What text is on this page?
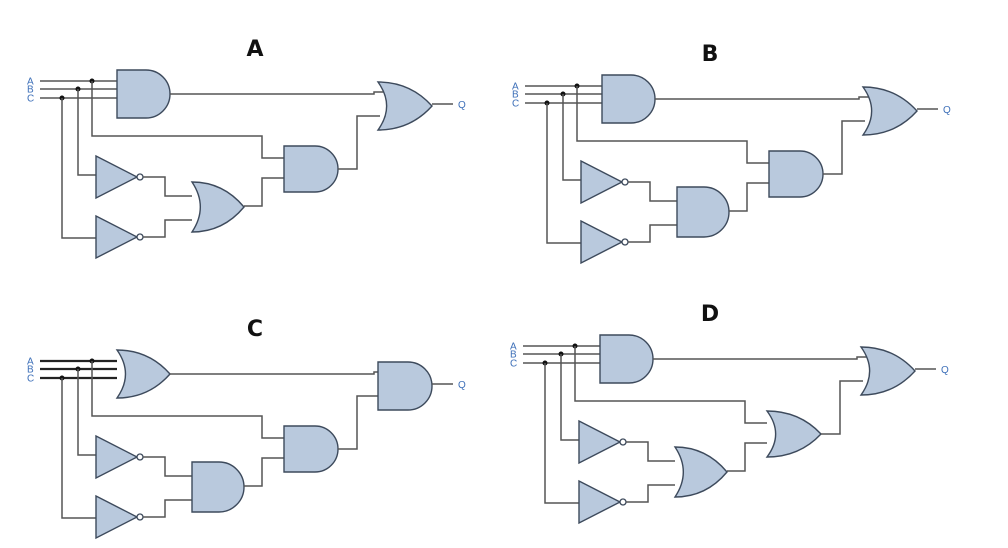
A
A
B
C
Q
B
A
B
C
Q
C
A
B
C
Q
D
A
B
C
Q
